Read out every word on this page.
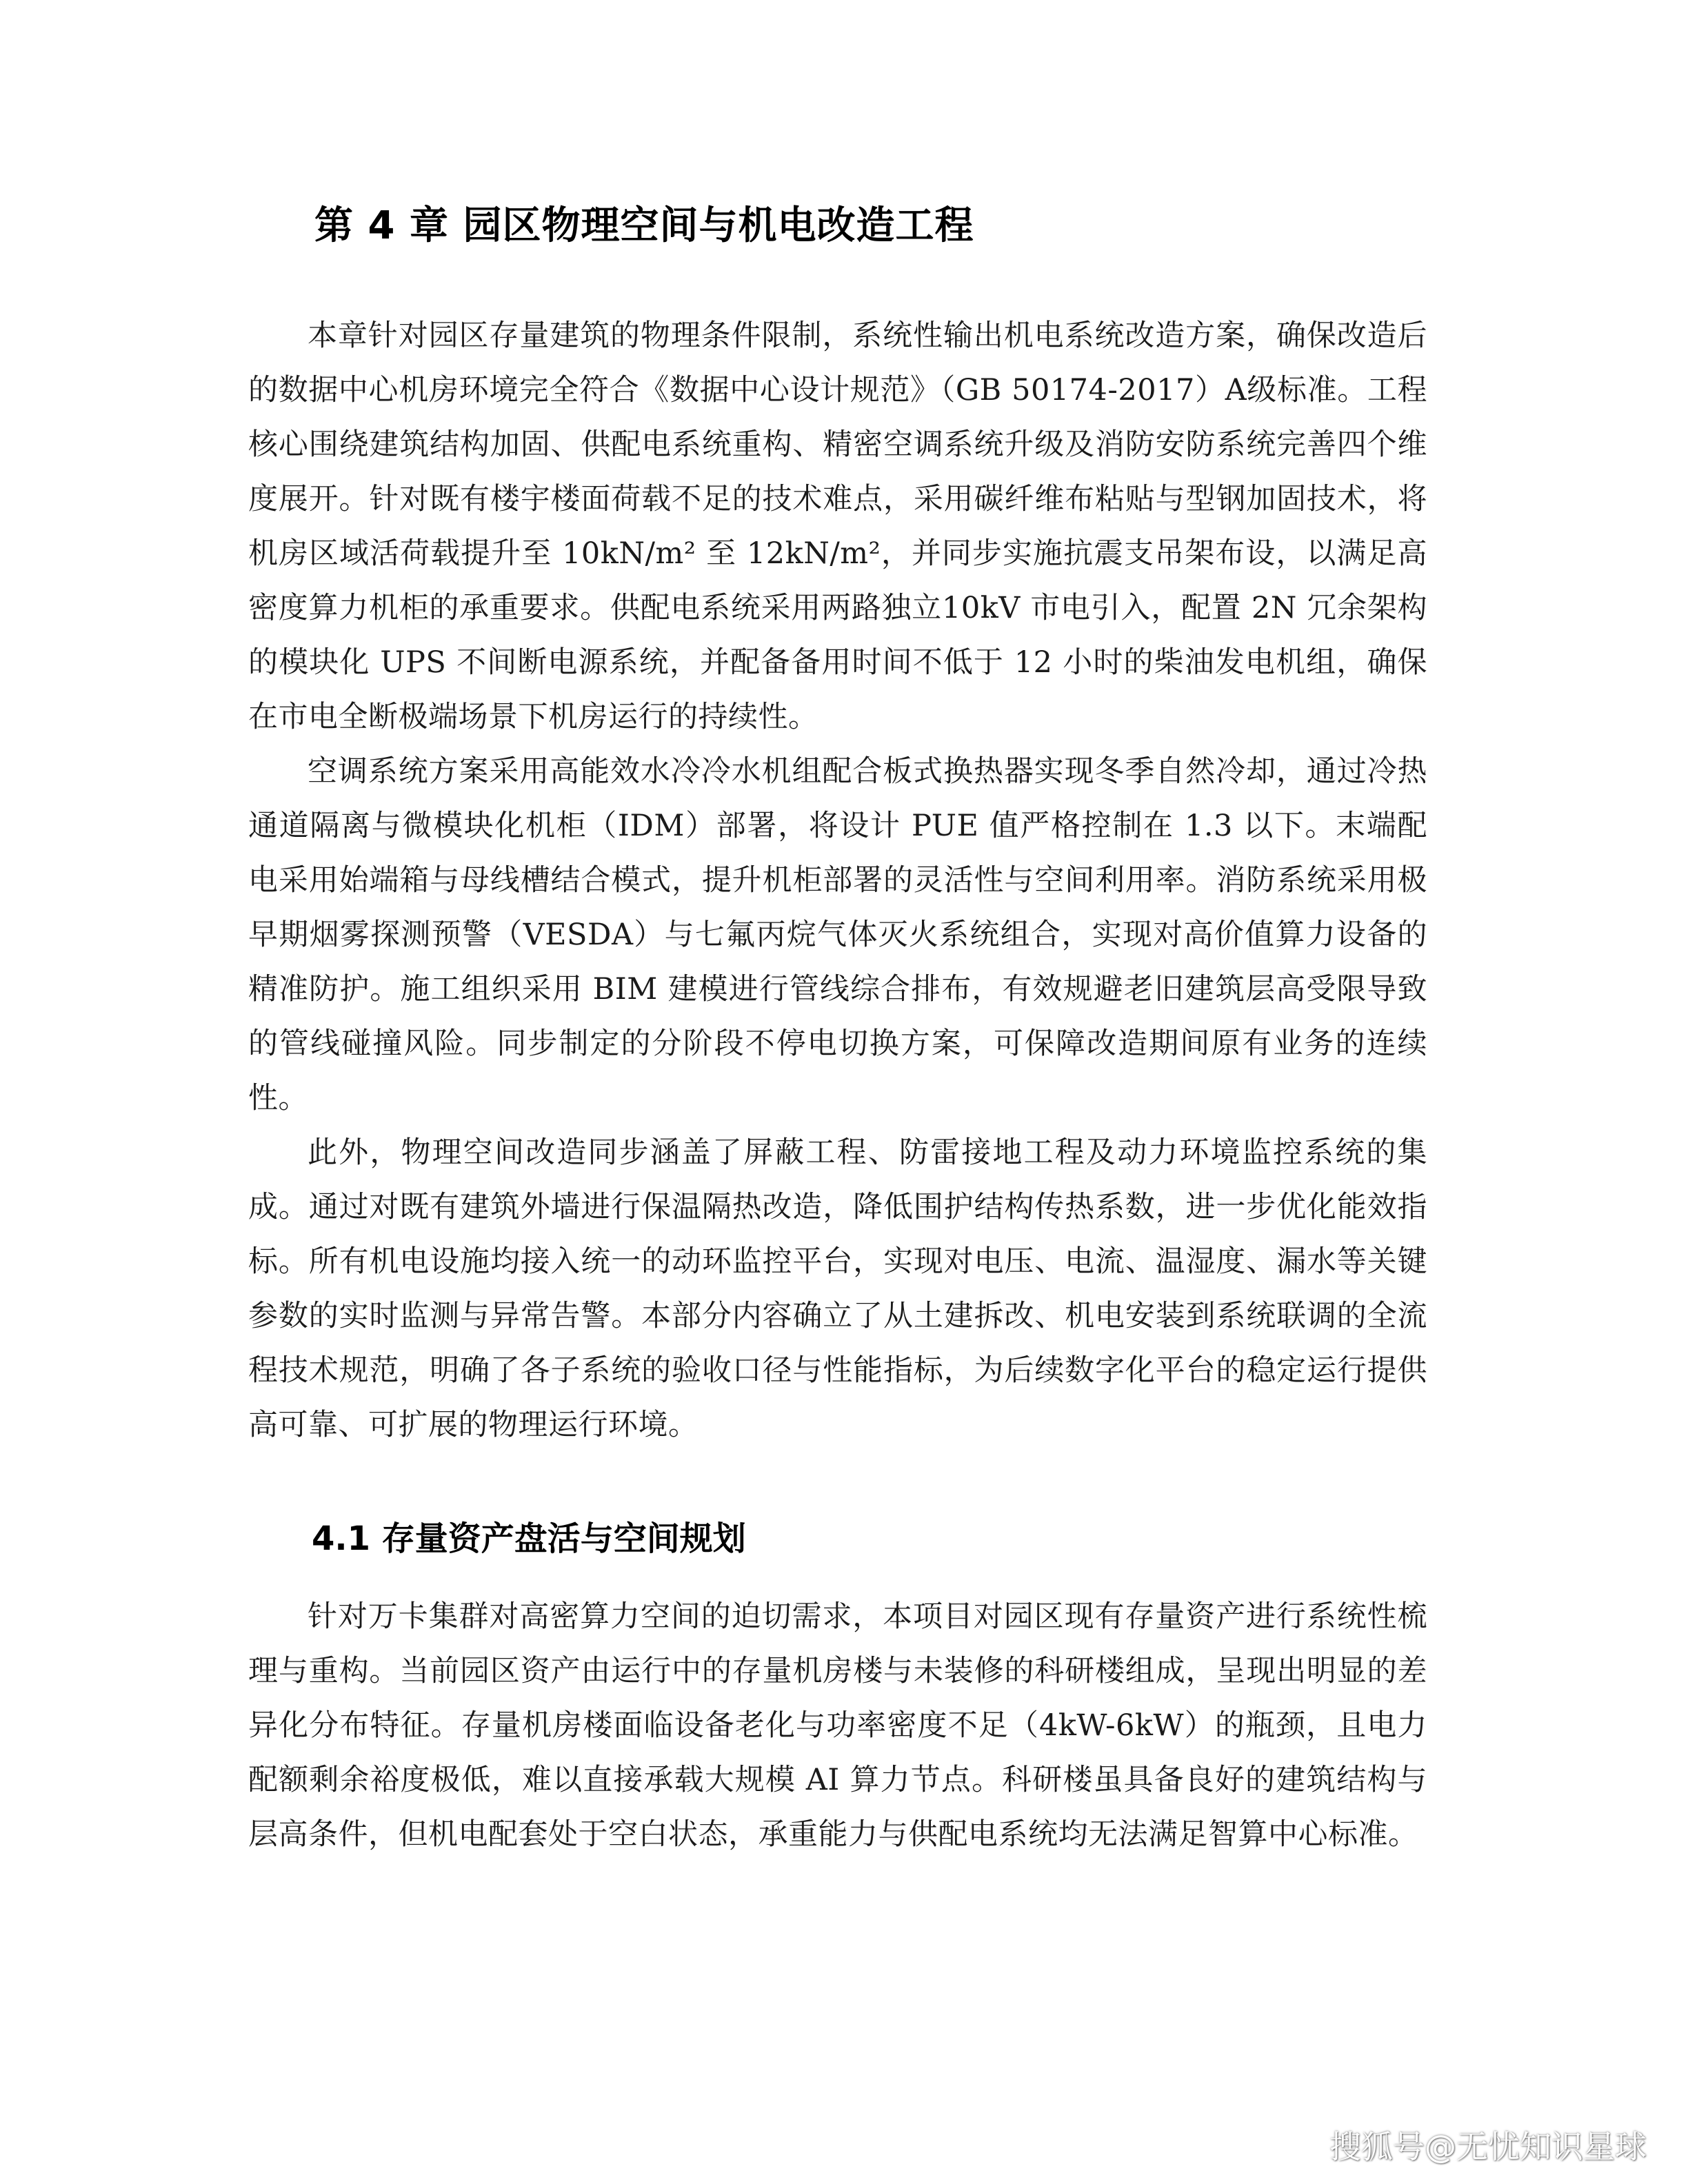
第 4 章 园区物理空间与机电改造工程

本章针对园区存量建筑的物理条件限制，系统性输出机电系统改造方案，确保改造后的数据中心机房环境完全符合《数据中心设计规范》（GB 50174-2017）A级标准。工程核心围绕建筑结构加固、供配电系统重构、精密空调系统升级及消防安防系统完善四个维度展开。针对既有楼宇楼面荷载不足的技术难点，采用碳纤维布粘贴与型钢加固技术，将机房区域活荷载提升至 10kN/m² 至 12kN/m²，并同步实施抗震支吊架布设，以满足高密度算力机柜的承重要求。供配电系统采用两路独立10kV 市电引入，配置 2N 冗余架构的模块化 UPS 不间断电源系统，并配备备用时间不低于 12 小时的柴油发电机组，确保在市电全断极端场景下机房运行的持续性。

空调系统方案采用高能效水冷冷水机组配合板式换热器实现冬季自然冷却，通过冷热通道隔离与微模块化机柜（IDM）部署，将设计 PUE 值严格控制在 1.3 以下。末端配电采用始端箱与母线槽结合模式，提升机柜部署的灵活性与空间利用率。消防系统采用极早期烟雾探测预警（VESDA）与七氟丙烷气体灭火系统组合，实现对高价值算力设备的精准防护。施工组织采用 BIM 建模进行管线综合排布，有效规避老旧建筑层高受限导致的管线碰撞风险。同步制定的分阶段不停电切换方案，可保障改造期间原有业务的连续性。

此外，物理空间改造同步涵盖了屏蔽工程、防雷接地工程及动力环境监控系统的集成。通过对既有建筑外墙进行保温隔热改造，降低围护结构传热系数，进一步优化能效指标。所有机电设施均接入统一的动环监控平台，实现对电压、电流、温湿度、漏水等关键参数的实时监测与异常告警。本部分内容确立了从土建拆改、机电安装到系统联调的全流程技术规范，明确了各子系统的验收口径与性能指标，为后续数字化平台的稳定运行提供高可靠、可扩展的物理运行环境。

4.1 存量资产盘活与空间规划

针对万卡集群对高密算力空间的迫切需求，本项目对园区现有存量资产进行系统性梳理与重构。当前园区资产由运行中的存量机房楼与未装修的科研楼组成，呈现出明显的差异化分布特征。存量机房楼面临设备老化与功率密度不足（4kW-6kW）的瓶颈，且电力配额剩余裕度极低，难以直接承载大规模 AI 算力节点。科研楼虽具备良好的建筑结构与层高条件，但机电配套处于空白状态，承重能力与供配电系统均无法满足智算中心标准。

搜狐号@无忧知识星球
